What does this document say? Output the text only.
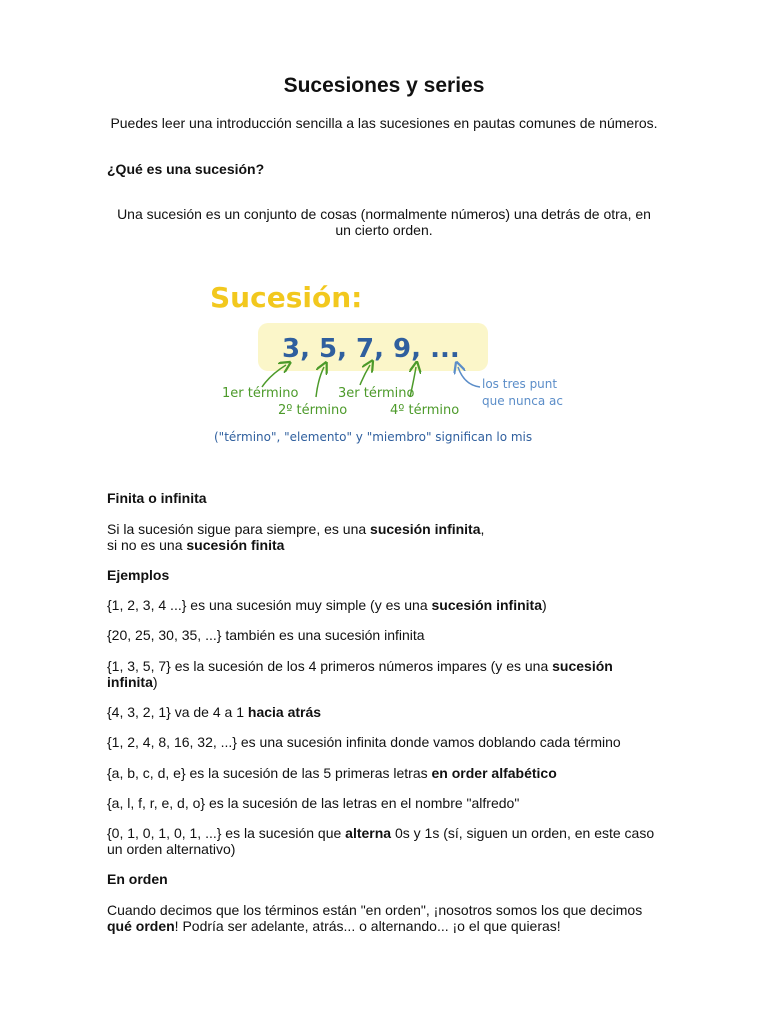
Sucesiones y series
Puedes leer una introducción sencilla a las sucesiones en pautas comunes de números.
¿Qué es una sucesión?
Una sucesión es un conjunto de cosas (normalmente números) una detrás de otra, en un cierto orden.
Sucesión:
3, 5, 7, 9, ...
1er término
2º término
3er término
4º término
los tres punt
que nunca ac
("término", "elemento" y "miembro" significan lo mis
Finita o infinita
Si la sucesión sigue para siempre, es una sucesión infinita,
si no es una sucesión finita
Ejemplos
{1, 2, 3, 4 ...} es una sucesión muy simple (y es una sucesión infinita)
{20, 25, 30, 35, ...} también es una sucesión infinita
{1, 3, 5, 7} es la sucesión de los 4 primeros números impares (y es una sucesión infinita)
{4, 3, 2, 1} va de 4 a 1 hacia atrás
{1, 2, 4, 8, 16, 32, ...} es una sucesión infinita donde vamos doblando cada término
{a, b, c, d, e} es la sucesión de las 5 primeras letras en order alfabético
{a, l, f, r, e, d, o} es la sucesión de las letras en el nombre "alfredo"
{0, 1, 0, 1, 0, 1, ...} es la sucesión que alterna 0s y 1s (sí, siguen un orden, en este caso un orden alternativo)
En orden
Cuando decimos que los términos están "en orden", ¡nosotros somos los que decimos qué orden! Podría ser adelante, atrás... o alternando... ¡o el que quieras!
